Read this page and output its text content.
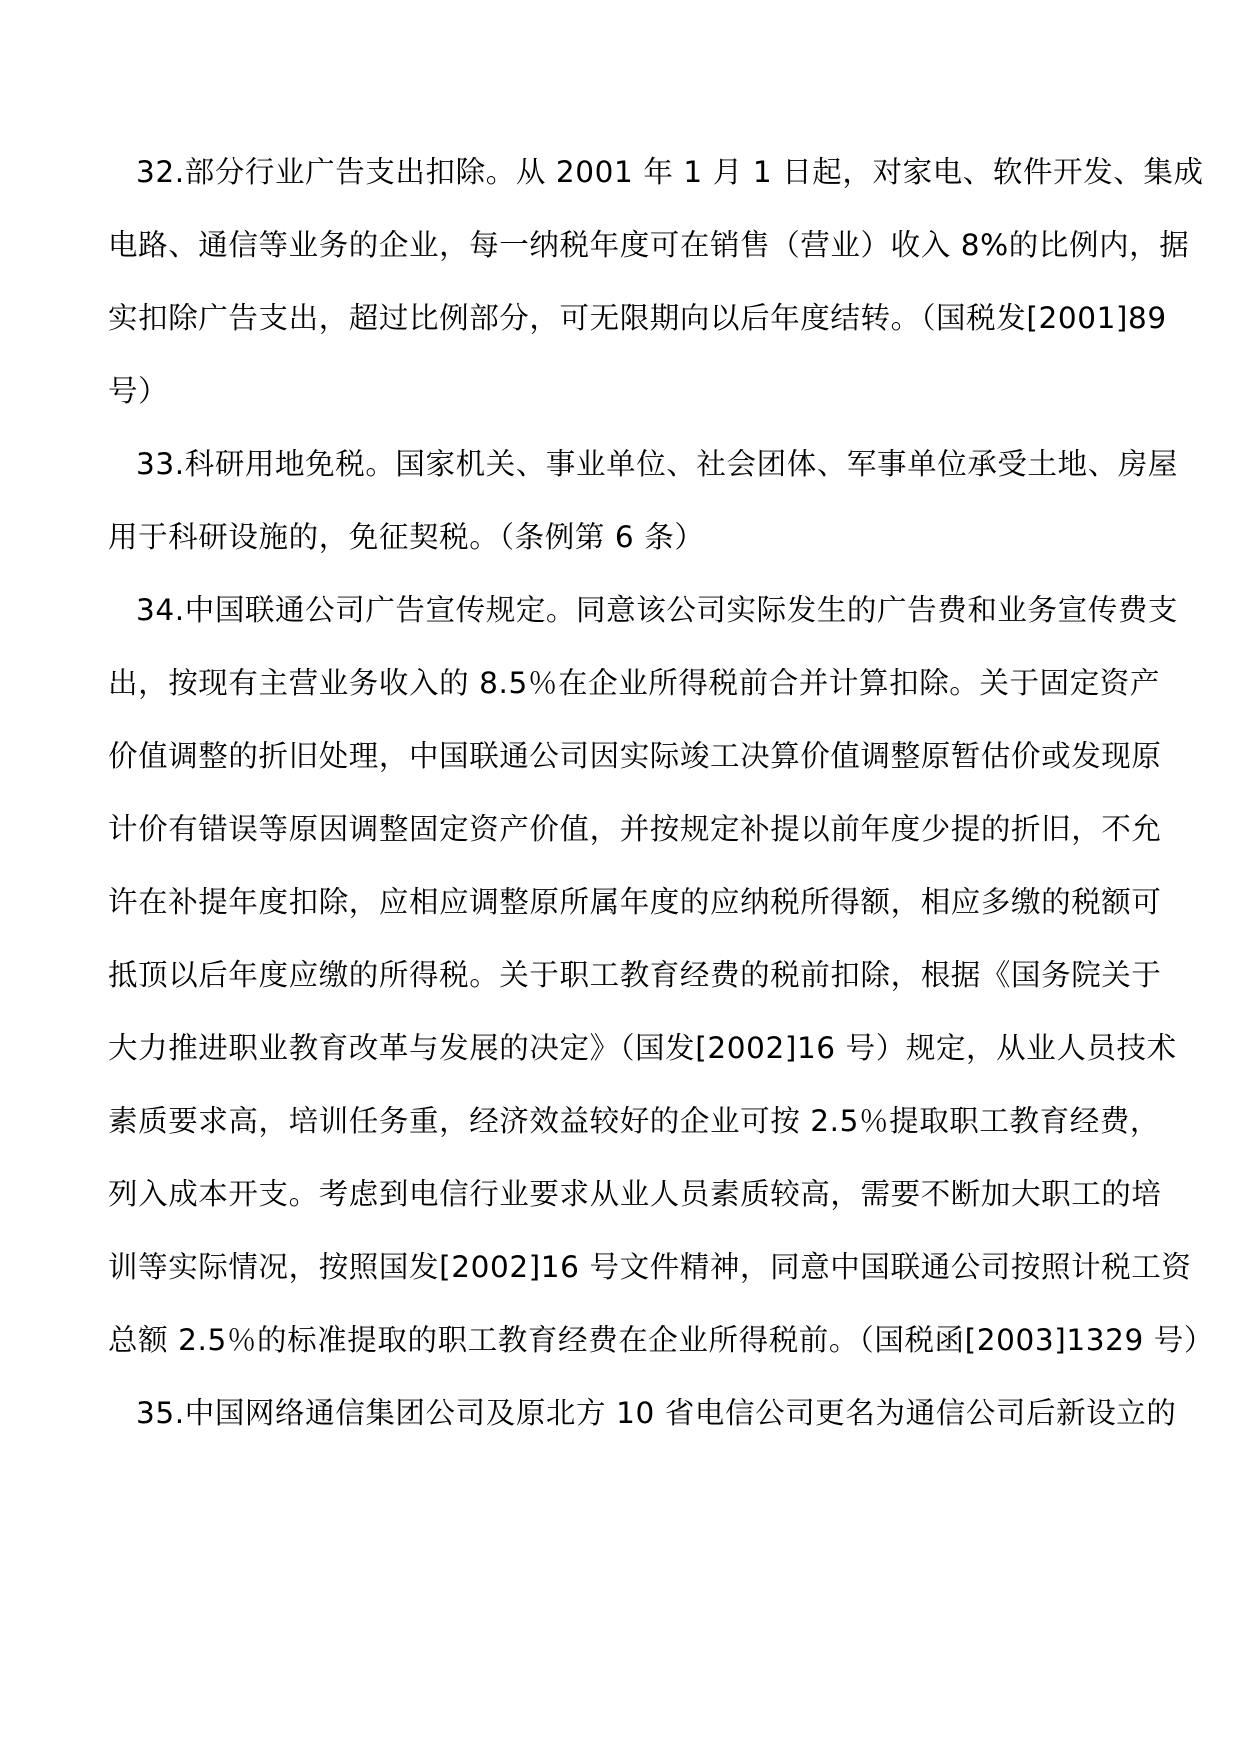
32.部分行业广告支出扣除。从 2001 年 1 月 1 日起，对家电、软件开发、集成
电路、通信等业务的企业，每一纳税年度可在销售（营业）收入 8%的比例内，据
实扣除广告支出，超过比例部分，可无限期向以后年度结转。（国税发[2001]89
号）
33.科研用地免税。国家机关、事业单位、社会团体、军事单位承受土地、房屋
用于科研设施的，免征契税。（条例第 6 条）
34.中国联通公司广告宣传规定。同意该公司实际发生的广告费和业务宣传费支
出，按现有主营业务收入的 8.5％在企业所得税前合并计算扣除。关于固定资产
价值调整的折旧处理，中国联通公司因实际竣工决算价值调整原暂估价或发现原
计价有错误等原因调整固定资产价值，并按规定补提以前年度少提的折旧，不允
许在补提年度扣除，应相应调整原所属年度的应纳税所得额，相应多缴的税额可
抵顶以后年度应缴的所得税。关于职工教育经费的税前扣除，根据《国务院关于
大力推进职业教育改革与发展的决定》（国发[2002]16 号）规定，从业人员技术
素质要求高，培训任务重，经济效益较好的企业可按 2.5％提取职工教育经费，
列入成本开支。考虑到电信行业要求从业人员素质较高，需要不断加大职工的培
训等实际情况，按照国发[2002]16 号文件精神，同意中国联通公司按照计税工资
总额 2.5％的标准提取的职工教育经费在企业所得税前。（国税函[2003]1329 号）
35.中国网络通信集团公司及原北方 10 省电信公司更名为通信公司后新设立的
